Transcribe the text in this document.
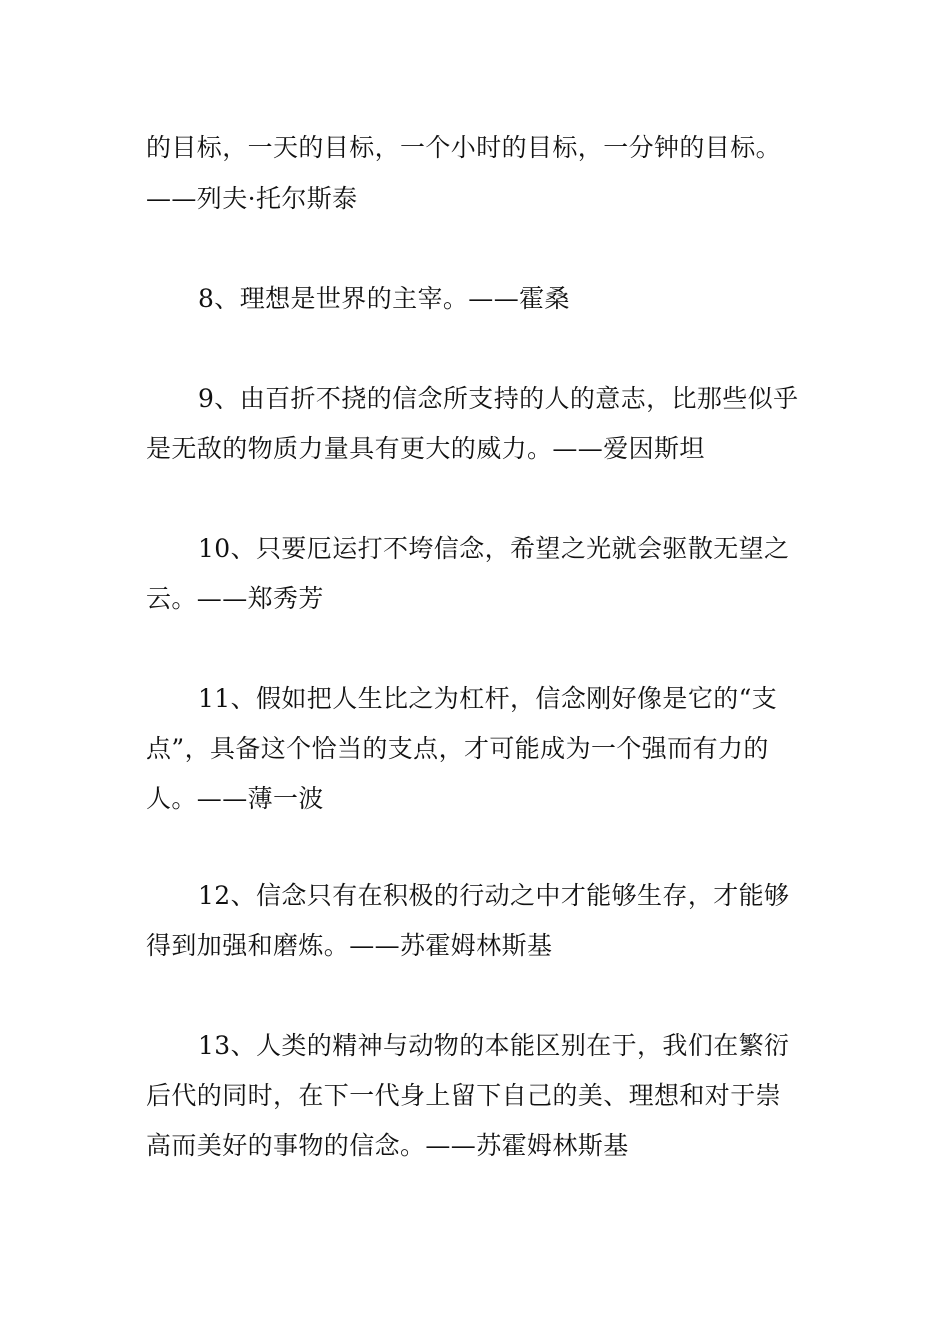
的目标，一天的目标，一个小时的目标，一分钟的目标。
——列夫·托尔斯泰
8、理想是世界的主宰。——霍桑
9、由百折不挠的信念所支持的人的意志，比那些似乎
是无敌的物质力量具有更大的威力。——爱因斯坦
10、只要厄运打不垮信念，希望之光就会驱散无望之
云。——郑秀芳
11、假如把人生比之为杠杆，信念刚好像是它的“支
点”，具备这个恰当的支点，才可能成为一个强而有力的
人。——薄一波
12、信念只有在积极的行动之中才能够生存，才能够
得到加强和磨炼。——苏霍姆林斯基
13、人类的精神与动物的本能区别在于，我们在繁衍
后代的同时，在下一代身上留下自己的美、理想和对于崇
高而美好的事物的信念。——苏霍姆林斯基
